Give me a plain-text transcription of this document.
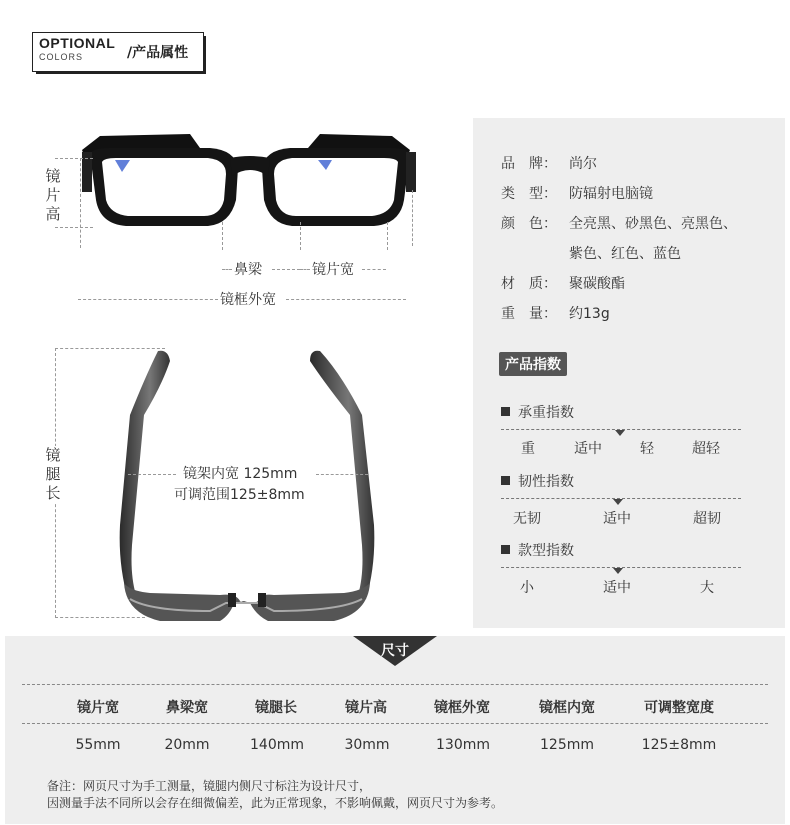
OPTIONAL
COLORS	/产品属性
镜
片
高
鼻梁	镜片宽
镜框外宽
镜
腿
长
镜架内宽 125mm
可调范围125±8mm
品　牌： 尚尔
类　型： 防辐射电脑镜
颜　色： 全亮黑、砂黑色、亮黑色、
紫色、红色、蓝色
材　质： 聚碳酸酯
重　量： 约13g
产品指数
承重指数
重	适中	轻	超轻
韧性指数
无韧	适中	超韧
款型指数
小	适中	大
尺寸
镜片宽	鼻梁宽	镜腿长	镜片高	镜框外宽	镜框内宽	可调整宽度
55mm	20mm	140mm	30mm	130mm	125mm	125±8mm
备注：网页尺寸为手工测量，镜腿内侧尺寸标注为设计尺寸，
因测量手法不同所以会存在细微偏差，此为正常现象，不影响佩戴，网页尺寸为参考。
